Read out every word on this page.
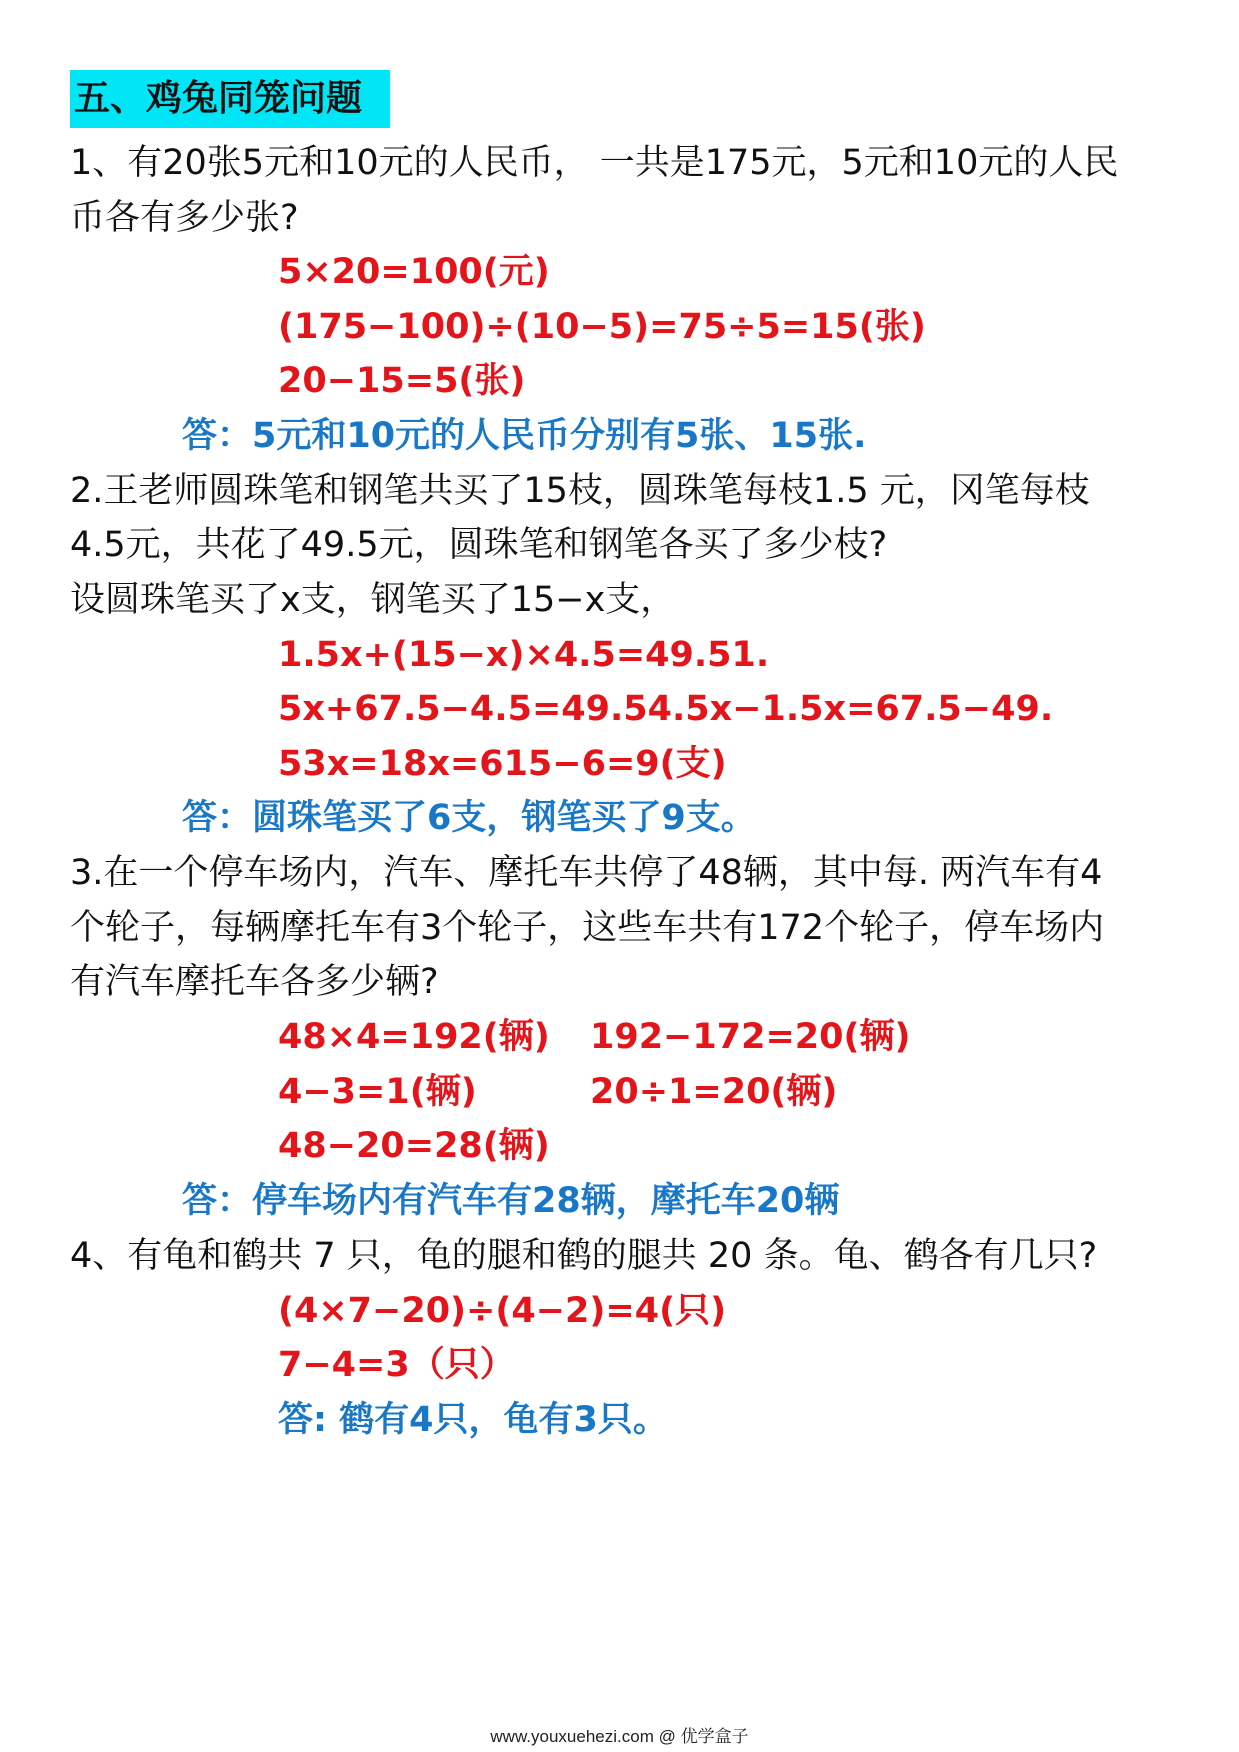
五、鸡兔同笼问题
1、有20张5元和10元的人民币， 一共是175元，5元和10元的人民
币各有多少张?
5×20=100(元)
(175−100)÷(10−5)=75÷5=15(张)
20−15=5(张)
答：5元和10元的人民币分别有5张、15张.
2.王老师圆珠笔和钢笔共买了15枝，圆珠笔每枝1.5 元，冈笔每枝
4.5元，共花了49.5元，圆珠笔和钢笔各买了多少枝?
设圆珠笔买了x支，钢笔买了15−x支，
1.5x+(15−x)×4.5=49.51.
5x+67.5−4.5=49.54.5x−1.5x=67.5−49.
53x=18x=615−6=9(支)
答：圆珠笔买了6支，钢笔买了9支。
3.在一个停车场内，汽车、摩托车共停了48辆，其中每. 两汽车有4
个轮子，每辆摩托车有3个轮子，这些车共有172个轮子，停车场内
有汽车摩托车各多少辆?
48×4=192(辆) 192−172=20(辆)
4−3=1(辆)	20÷1=20(辆)
48−20=28(辆)
答：停车场内有汽车有28辆，摩托车20辆
4、有龟和鹤共 7 只，龟的腿和鹤的腿共 20 条。龟、鹤各有几只?
(4×7−20)÷(4−2)=4(只)
7−4=3（只）
答: 鹤有4只，龟有3只。
www.youxuehezi.com @ 优学盒子
